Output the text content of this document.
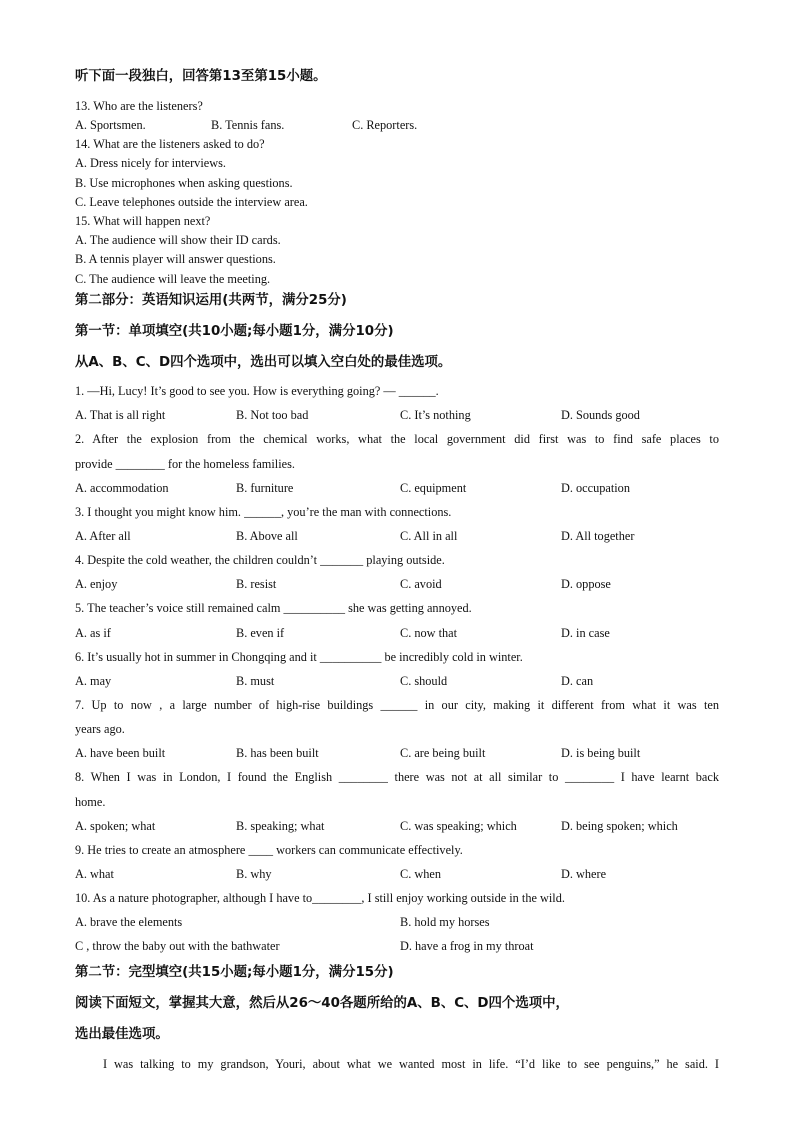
听下面一段独白，回答第13至第15小题。
13. Who are the listeners?
A. Sportsmen.	B. Tennis fans.	C. Reporters.
14. What are the listeners asked to do?
A. Dress nicely for interviews.
B. Use microphones when asking questions.
C. Leave telephones outside the interview area.
15. What will happen next?
A. The audience will show their ID cards.
B. A tennis player will answer questions.
C. The audience will leave the meeting.
第二部分：英语知识运用(共两节，满分25分)
第一节：单项填空(共10小题;每小题1分，满分10分)
从A、B、C、D四个选项中，选出可以填入空白处的最佳选项。
1. —Hi, Lucy! It’s good to see you. How is everything going? — ______.
A. That is all right	B. Not too bad	C. It’s nothing	D. Sounds good
2. After the explosion from the chemical works, what the local government did first was to find safe places to
provide ________ for the homeless families.
A. accommodation	B. furniture	C. equipment	D. occupation
3. I thought you might know him. ______, you’re the man with connections.
A. After all	B. Above all	C. All in all	D. All together
4. Despite the cold weather, the children couldn’t _______ playing outside.
A. enjoy	B. resist	C. avoid	D. oppose
5. The teacher’s voice still remained calm __________ she was getting annoyed.
A. as if	B. even if	C. now that	D. in case
6. It’s usually hot in summer in Chongqing and it __________ be incredibly cold in winter.
A. may	B. must	C. should	D. can
7. Up to now , a large number of high-rise buildings ______ in our city, making it different from what it was ten
years ago.
A. have been built	B. has been built	C. are being built	D. is being built
8. When I was in London, I found the English ________ there was not at all similar to ________ I have learnt back
home.
A. spoken; what	B. speaking; what	C. was speaking; which	D. being spoken; which
9. He tries to create an atmosphere ____ workers can communicate effectively.
A. what	B. why	C. when	D. where
10. As a nature photographer, although I have to________, I still enjoy working outside in the wild.
A. brave the elements	B. hold my horses
C , throw the baby out with the bathwater	D. have a frog in my throat
第二节：完型填空(共15小题;每小题1分，满分15分)
阅读下面短文，掌握其大意，然后从26～40各题所给的A、B、C、D四个选项中，
选出最佳选项。
I was talking to my grandson, Youri, about what we wanted most in life. “I’d like to see penguins,” he said. I
